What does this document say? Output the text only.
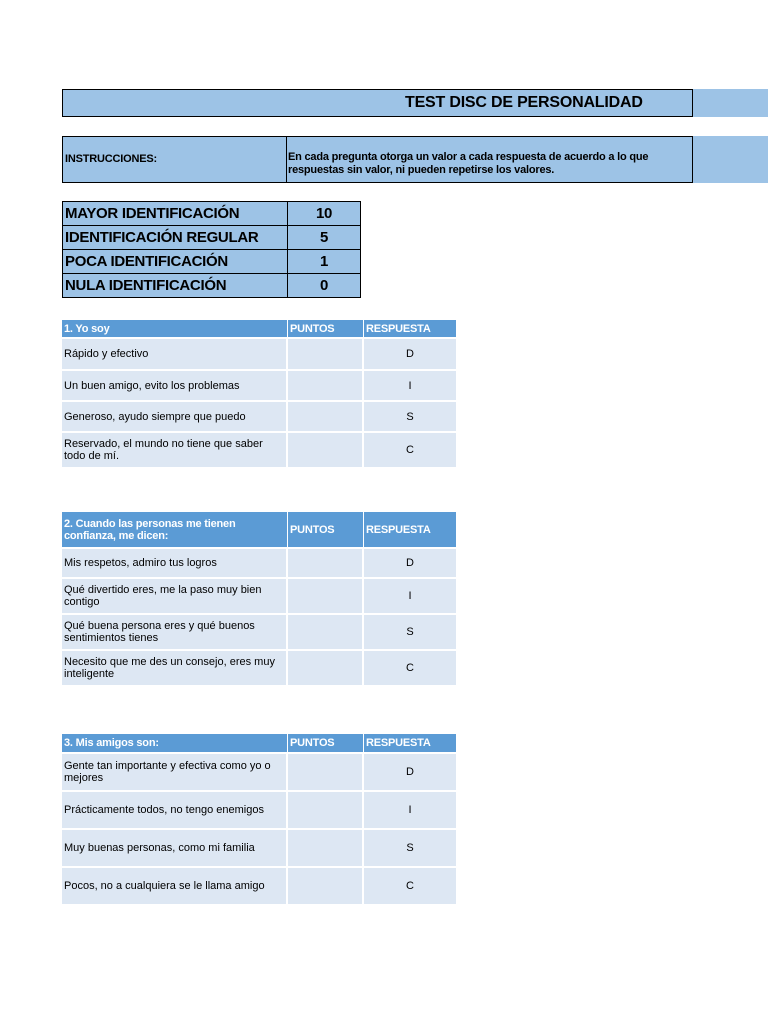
TEST DISC DE PERSONALIDAD
INSTRUCCIONES:	En cada pregunta otorga un valor a cada respuesta de acuerdo a lo que respuestas sin valor, ni pueden repetirse los valores.
MAYOR IDENTIFICACIÓN	10
IDENTIFICACIÓN REGULAR	5
POCA IDENTIFICACIÓN	1
NULA IDENTIFICACIÓN	0
1. Yo soy	PUNTOS	RESPUESTA
Rápido y efectivo		D
Un buen amigo, evito los problemas		I
Generoso, ayudo siempre que puedo		S
Reservado, el mundo no tiene que saber todo de mí.		C
2. Cuando las personas me tienen confianza, me dicen:	PUNTOS	RESPUESTA
Mis respetos, admiro tus logros		D
Qué divertido eres, me la paso muy bien contigo		I
Qué buena persona eres y qué buenos sentimientos tienes		S
Necesito que me des un consejo, eres muy inteligente		C
3. Mis amigos son:	PUNTOS	RESPUESTA
Gente tan importante y efectiva como yo o mejores		D
Prácticamente todos, no tengo enemigos		I
Muy buenas personas, como mi familia		S
Pocos, no a cualquiera se le llama amigo		C
